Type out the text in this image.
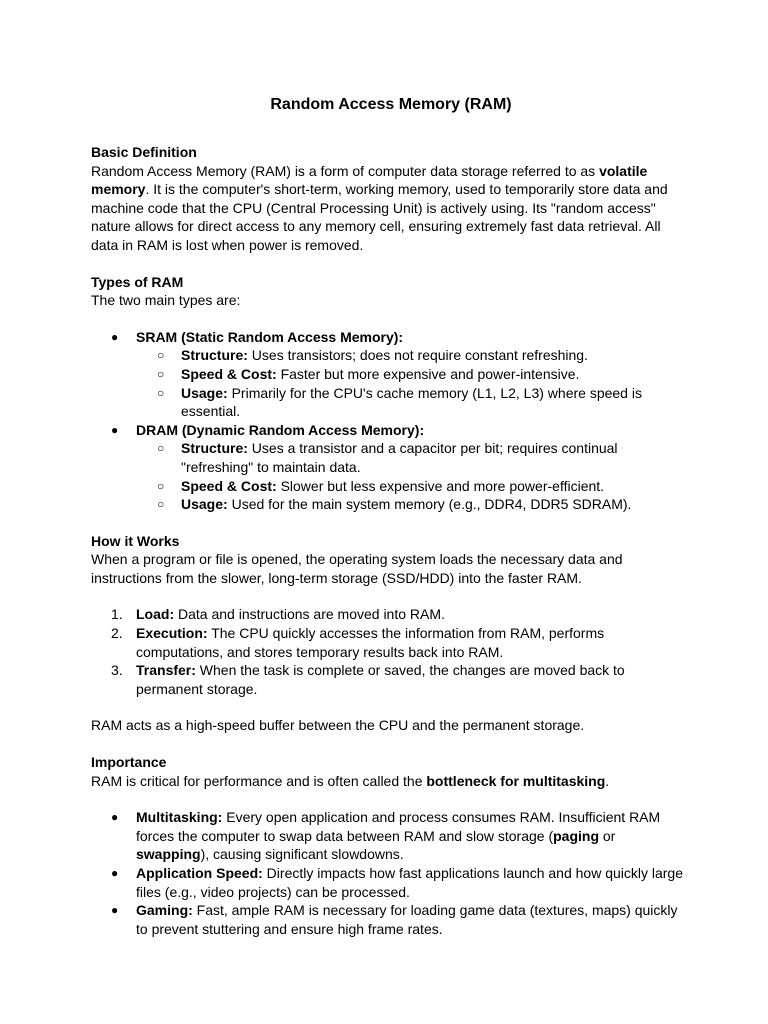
Random Access Memory (RAM)
Basic Definition

Random Access Memory (RAM) is a form of computer data storage referred to as volatile memory. It is the computer's short-term, working memory, used to temporarily store data and machine code that the CPU (Central Processing Unit) is actively using. Its "random access" nature allows for direct access to any memory cell, ensuring extremely fast data retrieval. All data in RAM is lost when power is removed.

Types of RAM

The two main types are:

●	SRAM (Static Random Access Memory):
○ Structure: Uses transistors; does not require constant refreshing.
○ Speed & Cost: Faster but more expensive and power-intensive.
○ Usage: Primarily for the CPU's cache memory (L1, L2, L3) where speed is essential.
●	DRAM (Dynamic Random Access Memory):
○ Structure: Uses a transistor and a capacitor per bit; requires continual "refreshing" to maintain data.
○ Speed & Cost: Slower but less expensive and more power-efficient.
○ Usage: Used for the main system memory (e.g., DDR4, DDR5 SDRAM).
How it Works

When a program or file is opened, the operating system loads the necessary data and instructions from the slower, long-term storage (SSD/HDD) into the faster RAM.

1. Load: Data and instructions are moved into RAM.
2. Execution: The CPU quickly accesses the information from RAM, performs computations, and stores temporary results back into RAM.
3. Transfer: When the task is complete or saved, the changes are moved back to permanent storage.

RAM acts as a high-speed buffer between the CPU and the permanent storage.

Importance

RAM is critical for performance and is often called the bottleneck for multitasking.

●	Multitasking: Every open application and process consumes RAM. Insufficient RAM forces the computer to swap data between RAM and slow storage (paging or swapping), causing significant slowdowns.
●	Application Speed: Directly impacts how fast applications launch and how quickly large files (e.g., video projects) can be processed.
●	Gaming: Fast, ample RAM is necessary for loading game data (textures, maps) quickly to prevent stuttering and ensure high frame rates.
